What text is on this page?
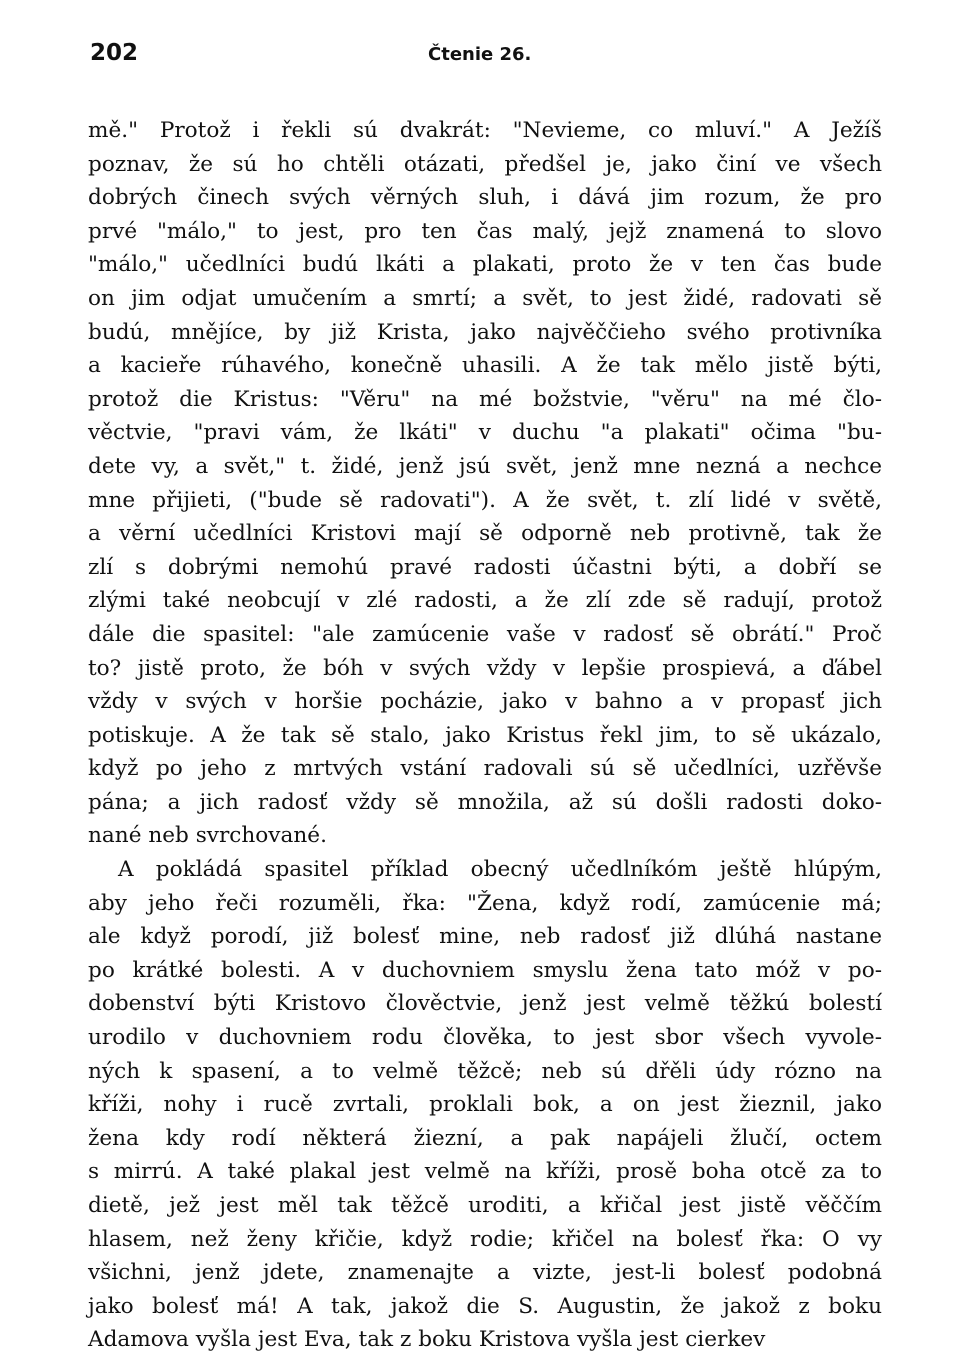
202	Čtenie 26.
mě." Protož i řekli sú dvakrát: "Nevieme, co mluví." A Ježíš
poznav, že sú ho chtěli otázati, předšel je, jako činí ve všech
dobrých činech svých věrných sluh, i dává jim rozum, že pro
prvé "málo," to jest, pro ten čas malý, jejž znamená to slovo
"málo," učedlníci budú lkáti a plakati, proto že v ten čas bude
on jim odjat umučením a smrtí; a svět, to jest židé, radovati sě
budú, mnějíce, by již Krista, jako najvěččieho svého protivníka
a kacieře rúhavého, konečně uhasili. A že tak mělo jistě býti,
protož die Kristus: "Věru" na mé božstvie, "věru" na mé člo-
věctvie, "pravi vám, že lkáti" v duchu "a plakati" očima "bu-
dete vy, a svět," t. židé, jenž jsú svět, jenž mne nezná a nechce
mne přijieti, ("bude sě radovati"). A že svět, t. zlí lidé v světě,
a věrní učedlníci Kristovi mají sě odporně neb protivně, tak že
zlí s dobrými nemohú pravé radosti účastni býti, a dobří se
zlými také neobcují v zlé radosti, a že zlí zde sě radují, protož
dále die spasitel: "ale zamúcenie vaše v radosť sě obrátí." Proč
to? jistě proto, že bóh v svých vždy v lepšie prospievá, a ďábel
vždy v svých v horšie pocházie, jako v bahno a v propasť jich
potiskuje. A že tak sě stalo, jako Kristus řekl jim, to sě ukázalo,
když po jeho z mrtvých vstání radovali sú sě učedlníci, uzřěvše
pána; a jich radosť vždy sě množila, až sú došli radosti doko-
nané neb svrchované.
A pokládá spasitel příklad obecný učedlníkóm ještě hlúpým,
aby jeho řeči rozuměli, řka: "Žena, když rodí, zamúcenie má;
ale když porodí, již bolesť mine, neb radosť již dlúhá nastane
po krátké bolesti. A v duchovniem smyslu žena tato móž v po-
dobenství býti Kristovo člověctvie, jenž jest velmě těžkú bolestí
urodilo v duchovniem rodu člověka, to jest sbor všech vyvole-
ných k spasení, a to velmě těžcě; neb sú dřěli údy rózno na
kříži, nohy i rucě zvrtali, proklali bok, a on jest žieznil, jako
žena kdy rodí některá žiezní, a pak napájeli žlučí, octem
s mirrú. A také plakal jest velmě na kříži, prosě boha otcě za to
dietě, jež jest měl tak těžcě uroditi, a křičal jest jistě věččím
hlasem, než ženy křičie, když rodie; křičel na bolesť řka: O vy
všichni, jenž jdete, znamenajte a vizte, jest-li bolesť podobná
jako bolesť má! A tak, jakož die S. Augustin, že jakož z boku
Adamova vyšla jest Eva, tak z boku Kristova vyšla jest cierkev
